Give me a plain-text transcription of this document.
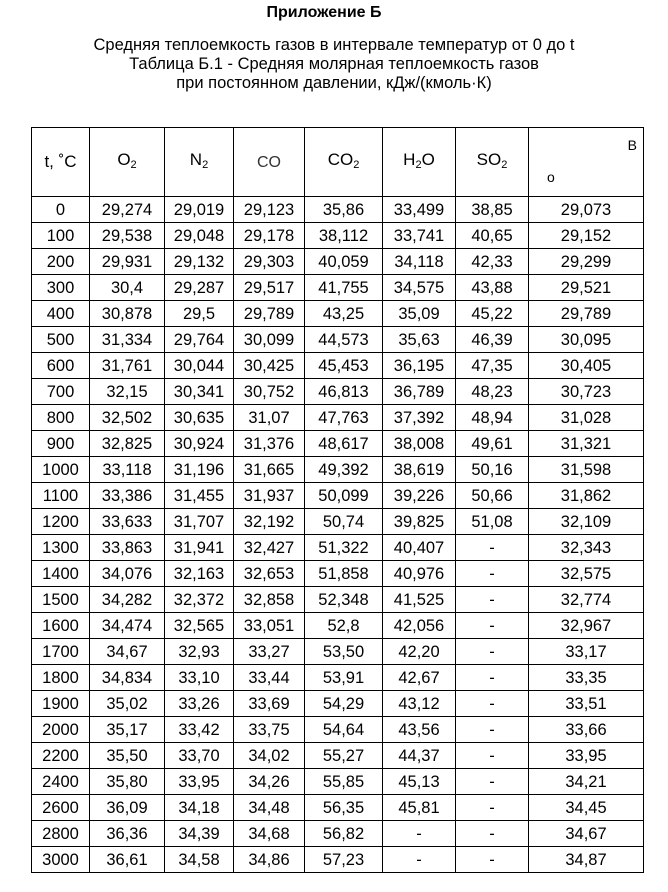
Приложение Б
Средняя теплоемкость газов в интервале температур от 0 до t
Таблица Б.1 - Средняя молярная теплоемкость газов
при постоянном давлении, кДж/(кмоль·К)
t, ˚C	$O_2$	$N_2$	CO	$CO_2$	$H_2O$	$SO_2$	В
о

0	29,274	29,019	29,123	35,86	33,499	38,85	29,073
100	29,538	29,048	29,178	38,112	33,741	40,65	29,152
200	29,931	29,132	29,303	40,059	34,118	42,33	29,299
300	30,4	29,287	29,517	41,755	34,575	43,88	29,521
400	30,878	29,5	29,789	43,25	35,09	45,22	29,789
500	31,334	29,764	30,099	44,573	35,63	46,39	30,095
600	31,761	30,044	30,425	45,453	36,195	47,35	30,405
700	32,15	30,341	30,752	46,813	36,789	48,23	30,723
800	32,502	30,635	31,07	47,763	37,392	48,94	31,028
900	32,825	30,924	31,376	48,617	38,008	49,61	31,321
1000	33,118	31,196	31,665	49,392	38,619	50,16	31,598
1100	33,386	31,455	31,937	50,099	39,226	50,66	31,862
1200	33,633	31,707	32,192	50,74	39,825	51,08	32,109
1300	33,863	31,941	32,427	51,322	40,407	-	32,343
1400	34,076	32,163	32,653	51,858	40,976	-	32,575
1500	34,282	32,372	32,858	52,348	41,525	-	32,774
1600	34,474	32,565	33,051	52,8	42,056	-	32,967
1700	34,67	32,93	33,27	53,50	42,20	-	33,17
1800	34,834	33,10	33,44	53,91	42,67	-	33,35
1900	35,02	33,26	33,69	54,29	43,12	-	33,51
2000	35,17	33,42	33,75	54,64	43,56	-	33,66
2200	35,50	33,70	34,02	55,27	44,37	-	33,95
2400	35,80	33,95	34,26	55,85	45,13	-	34,21
2600	36,09	34,18	34,48	56,35	45,81	-	34,45
2800	36,36	34,39	34,68	56,82	-	-	34,67
3000	36,61	34,58	34,86	57,23	-	-	34,87
